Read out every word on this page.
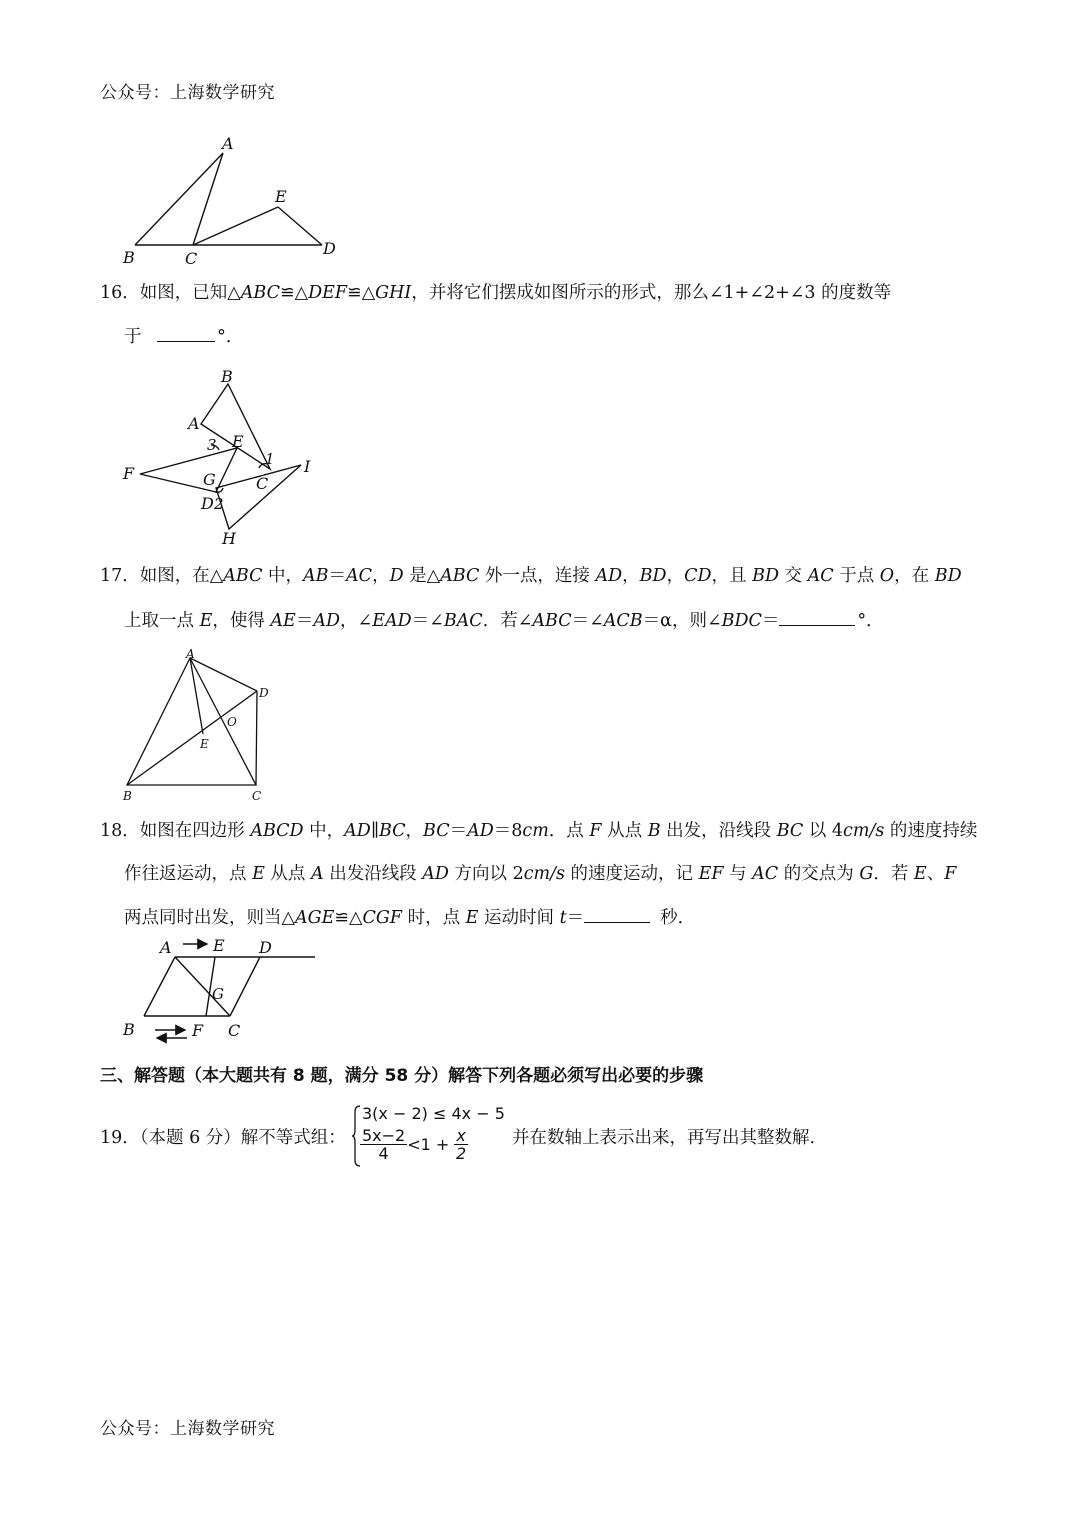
公众号：上海数学研究
A
E
B	C
D
16．如图，已知△ABC≌△DEF≌△GHI，并将它们摆成如图所示的形式，那么∠1+∠2+∠3 的度数等
于	°．
B
A
3 E
1
F	G
I
C
D 2
H
17．如图，在△ABC 中，AB＝AC，D 是△ABC 外一点，连接 AD，BD，CD，且 BD 交 AC 于点 O，在 BD
上取一点 E，使得 AE＝AD，∠EAD＝∠BAC．若∠ABC＝∠ACB＝α，则∠BDC＝	°．
A
D
O
E
B	C
18．如图在四边形 ABCD 中，AD∥BC，BC＝AD＝8cm．点 F 从点 B 出发，沿线段 BC 以 4cm/s 的速度持续
作往返运动，点 E 从点 A 出发沿线段 AD 方向以 2cm/s 的速度运动，记 EF 与 AC 的交点为 G．若 E、F
两点同时出发，则当△AGE≌△CGF 时，点 E 运动时间 t＝	秒．
A	E D
G
B	F C
三、解答题（本大题共有 8 题，满分 58 分）解答下列各题必须写出必要的步骤
19．（本题 6 分）解不等式组：
3(x − 2) ≤ 4x − 5
$\frac{5x-2}{4} <1 + \frac{x}{2}$	并在数轴上表示出来，再写出其整数解．
公众号：上海数学研究
